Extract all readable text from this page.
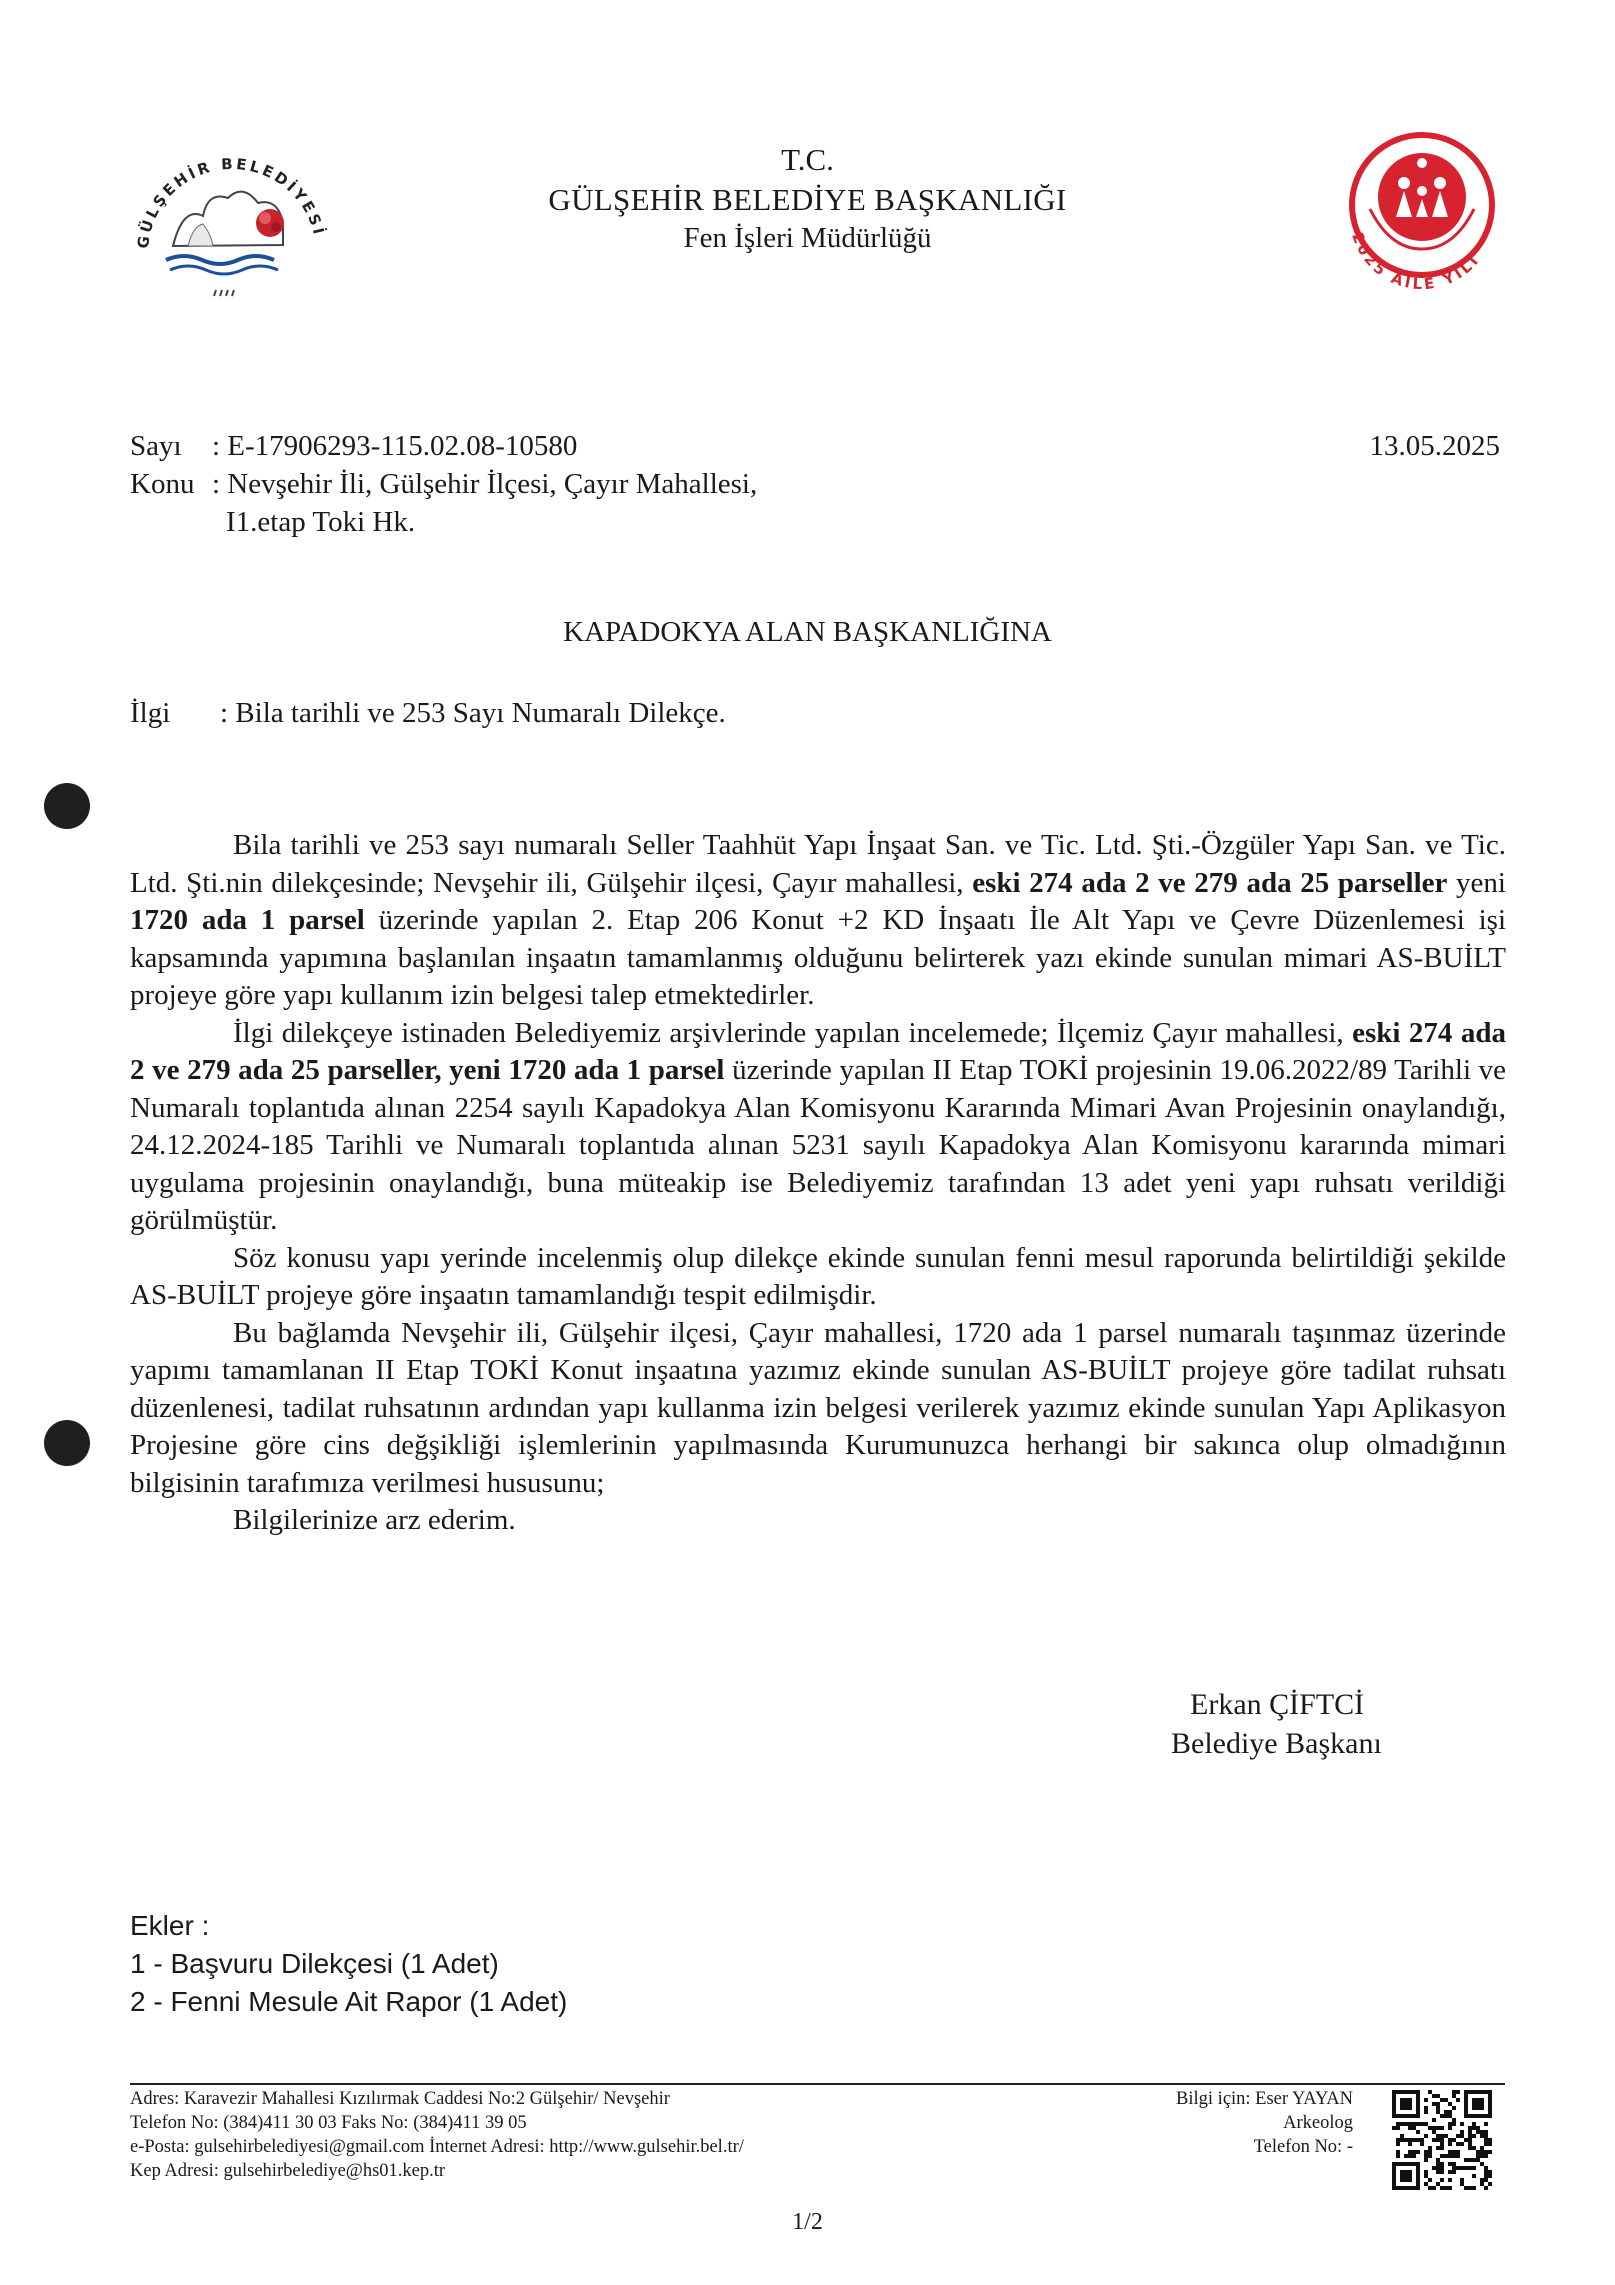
GÜLŞEHİR BELEDİYESİ	2025 AİLE YILI
T.C.
GÜLŞEHİR BELEDİYE BAŞKANLIĞI
Fen İşleri Müdürlüğü
Sayı : E-17906293-115.02.08-10580	13.05.2025
Konu : Nevşehir İli, Gülşehir İlçesi, Çayır Mahallesi,
I1.etap Toki Hk.
KAPADOKYA ALAN BAŞKANLIĞINA
İlgi : Bila tarihli ve 253 Sayı Numaralı Dilekçe.

Bila tarihli ve 253 sayı numaralı Seller Taahhüt Yapı İnşaat San. ve Tic. Ltd. Şti.-Özgüler Yapı San. ve Tic. Ltd. Şti.nin dilekçesinde; Nevşehir ili, Gülşehir ilçesi, Çayır mahallesi, eski 274 ada 2 ve 279 ada 25 parseller yeni 1720 ada 1 parsel üzerinde yapılan 2. Etap 206 Konut +2 KD İnşaatı İle Alt Yapı ve Çevre Düzenlemesi işi kapsamında yapımına başlanılan inşaatın tamamlanmış olduğunu belirterek yazı ekinde sunulan mimari AS-BUİLT projeye göre yapı kullanım izin belgesi talep etmektedirler.

İlgi dilekçeye istinaden Belediyemiz arşivlerinde yapılan incelemede; İlçemiz Çayır mahallesi, eski 274 ada 2 ve 279 ada 25 parseller, yeni 1720 ada 1 parsel üzerinde yapılan II Etap TOKİ projesinin 19.06.2022/89 Tarihli ve Numaralı toplantıda alınan 2254 sayılı Kapadokya Alan Komisyonu Kararında Mimari Avan Projesinin onaylandığı, 24.12.2024-185 Tarihli ve Numaralı toplantıda alınan 5231 sayılı Kapadokya Alan Komisyonu kararında mimari uygulama projesinin onaylandığı, buna müteakip ise Belediyemiz tarafından 13 adet yeni yapı ruhsatı verildiği görülmüştür.

Söz konusu yapı yerinde incelenmiş olup dilekçe ekinde sunulan fenni mesul raporunda belirtildiği şekilde AS-BUİLT projeye göre inşaatın tamamlandığı tespit edilmişdir.

Bu bağlamda Nevşehir ili, Gülşehir ilçesi, Çayır mahallesi, 1720 ada 1 parsel numaralı taşınmaz üzerinde yapımı tamamlanan II Etap TOKİ Konut inşaatına yazımız ekinde sunulan AS-BUİLT projeye göre tadilat ruhsatı düzenlenesi, tadilat ruhsatının ardından yapı kullanma izin belgesi verilerek yazımız ekinde sunulan Yapı Aplikasyon Projesine göre cins değşikliği işlemlerinin yapılmasında Kurumunuzca herhangi bir sakınca olup olmadığının bilgisinin tarafımıza verilmesi hususunu;

Bilgilerinize arz ederim.

Erkan ÇİFTCİ
Belediye Başkanı
Ekler :
1 - Başvuru Dilekçesi (1 Adet)
2 - Fenni Mesule Ait Rapor (1 Adet)
Adres: Karavezir Mahallesi Kızılırmak Caddesi No:2 Gülşehir/ Nevşehir
Telefon No: (384)411 30 03 Faks No: (384)411 39 05
e-Posta: gulsehirbelediyesi@gmail.com İnternet Adresi: http://www.gulsehir.bel.tr/
Kep Adresi: gulsehirbelediye@hs01.kep.tr
Bilgi için: Eser YAYAN
Arkeolog
Telefon No: -
1/2
